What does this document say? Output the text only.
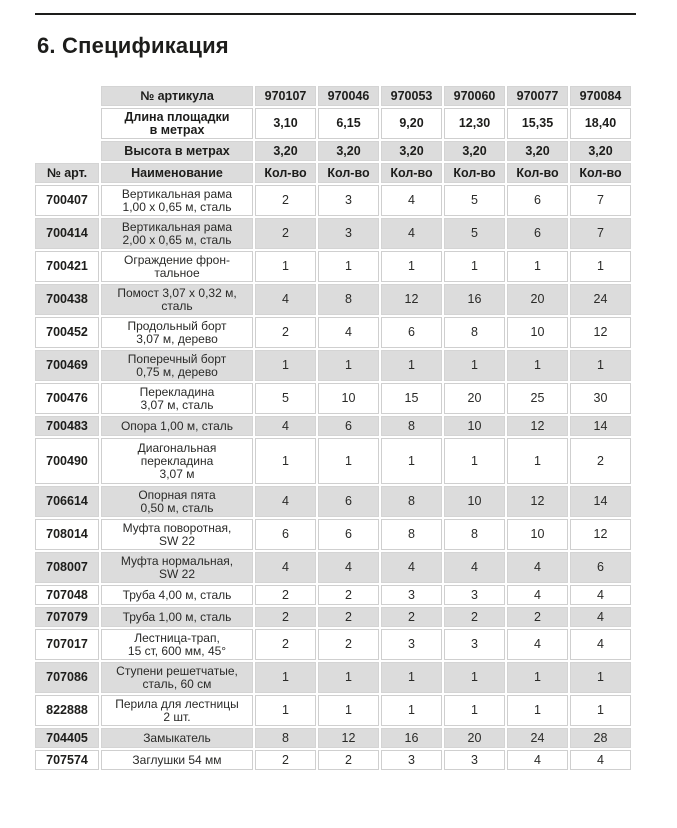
6. Спецификация
	№ артикула	970107	970046	970053	970060	970077	970084

	Длина площадки
в метрах	3,10	6,15	9,20	12,30	15,35	18,40
	Высота в метрах	3,20	3,20	3,20	3,20	3,20	3,20
№ арт.	Наименование	Кол-во	Кол-во	Кол-во	Кол-во	Кол-во	Кол-во
700407	Вертикальная рама
1,00 x 0,65 м, сталь	2	3	4	5	6	7
700414	Вертикальная рама
2,00 x 0,65 м, сталь	2	3	4	5	6	7
700421	Ограждение фрон-
тальное	1	1	1	1	1	1
700438	Помост 3,07 x 0,32 м,
сталь	4	8	12	16	20	24
700452	Продольный борт
3,07 м, дерево	2	4	6	8	10	12
700469	Поперечный борт
0,75 м, дерево	1	1	1	1	1	1
700476	Перекладина
3,07 м, сталь	5	10	15	20	25	30
700483	Опора 1,00 м, сталь	4	6	8	10	12	14
700490	Диагональная
перекладина
3,07 м	1	1	1	1	1	2
706614	Опорная пята
0,50 м, сталь	4	6	8	10	12	14
708014	Муфта поворотная,
SW 22	6	6	8	8	10	12
708007	Муфта нормальная,
SW 22	4	4	4	4	4	6
707048	Труба 4,00 м, сталь	2	2	3	3	4	4
707079	Труба 1,00 м, сталь	2	2	2	2	2	4
707017	Лестница-трап,
15 ст, 600 мм, 45°	2	2	3	3	4	4
707086	Ступени решетчатые,
сталь, 60 см	1	1	1	1	1	1
822888	Перила для лестницы
2 шт.	1	1	1	1	1	1
704405	Замыкатель	8	12	16	20	24	28
707574	Заглушки 54 мм	2	2	3	3	4	4
